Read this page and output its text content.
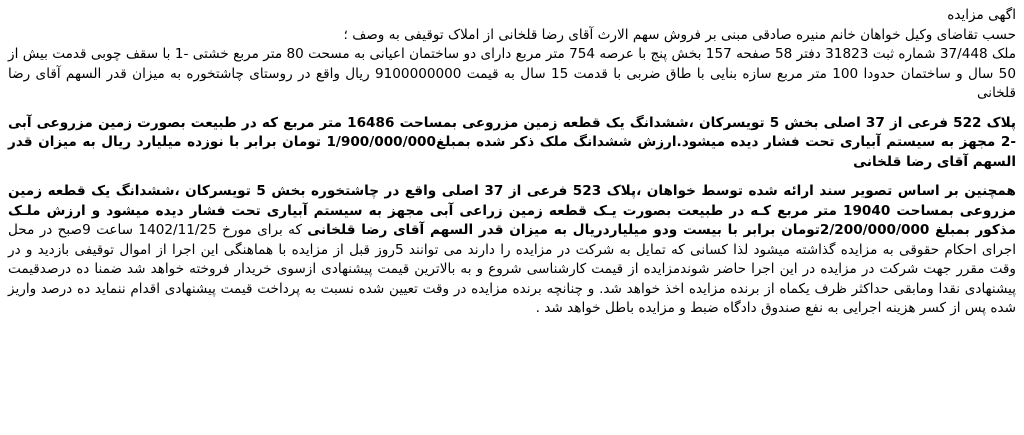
اگهی مزایده

حسب تقاضای وکیل خواهان خانم منیره صادقی مبنی بر فروش سهم الارث آقای رضا قلخانی از املاک توقیفی به وصف ؛

ملک 37/448 شماره ثبت 31823 دفتر 58 صفحه 157 بخش پنج با عرصه 754 متر مربع دارای دو ساختمان اعیانی به مسحت 80 متر مربع خشتی -1 با سقف چوبی قدمت بیش از 50 سال و ساختمان حدودا 100 متر مربع سازه بنایی با طاق ضربی با قدمت 15 سال به قیمت 9100000000 ریال واقع در روستای چاشتخوره به میزان قدر السهم آقای رضا قلخانی

پلاک 522 فرعی از 37 اصلی بخش 5 تویسرکان ،ششدانگ یک قطعه زمین مزروعی بمساحت 16486 متر مربع که در طبیعت بصورت زمین مزروعی آبی -2 مجهز به سیستم آبیاری تحت فشار دیده میشود.ارزش ششدانگ ملک ذکر شده بمبلغ1/900/000/000 تومان برابر با نوزده میلیارد ریال به میزان قدر السهم آقای رضا قلخانی

همچنین بر اساس تصویر سند ارائه شده توسط خواهان ،پلاک 523 فرعی از 37 اصلی واقع در چاشتخوره بخش 5 تویسرکان ،ششدانگ یک قطعه زمین مزروعی بمساحت 19040 متر مربع کـه در طبیعت بصورت یـک قطعه زمین زراعی آبی مجهز به سیستم آبیاری تحت فشار دیده میشود و ارزش ملـک مذکور بمبلغ 2/200/000/000تومان برابر با بیست ودو میلیاردریال به میزان قدر السهم آقای رضا قلخانی که برای مورخ 1402/11/25 ساعت 9صبح در محل اجرای احکام حقوقی به مزایده گذاشته میشود لذا کسانی که تمایل به شرکت در مزایده را دارند می توانند 5روز قبل از مزایده با هماهنگی این اجرا از اموال توقیفی بازدید و در وقت مقرر جهت شرکت در مزایده در این اجرا حاضر شوندمزایده از قیمت کارشناسی شروع و به بالاترین قیمت پیشنهادی ازسوی خریدار فروخته خواهد شد ضمنا ده درصدقیمت پیشنهادی نقدا ومابقی حداکثر ظرف یکماه از برنده مزایده اخذ خواهد شد. و چنانچه برنده مزایده در وقت تعیین شده نسبت به پرداخت قیمت پیشنهادی اقدام ننماید ده درصد واریز شده پس از کسر هزینه اجرایی به نفع صندوق دادگاه ضبط و مزایده باطل خواهد شد .
